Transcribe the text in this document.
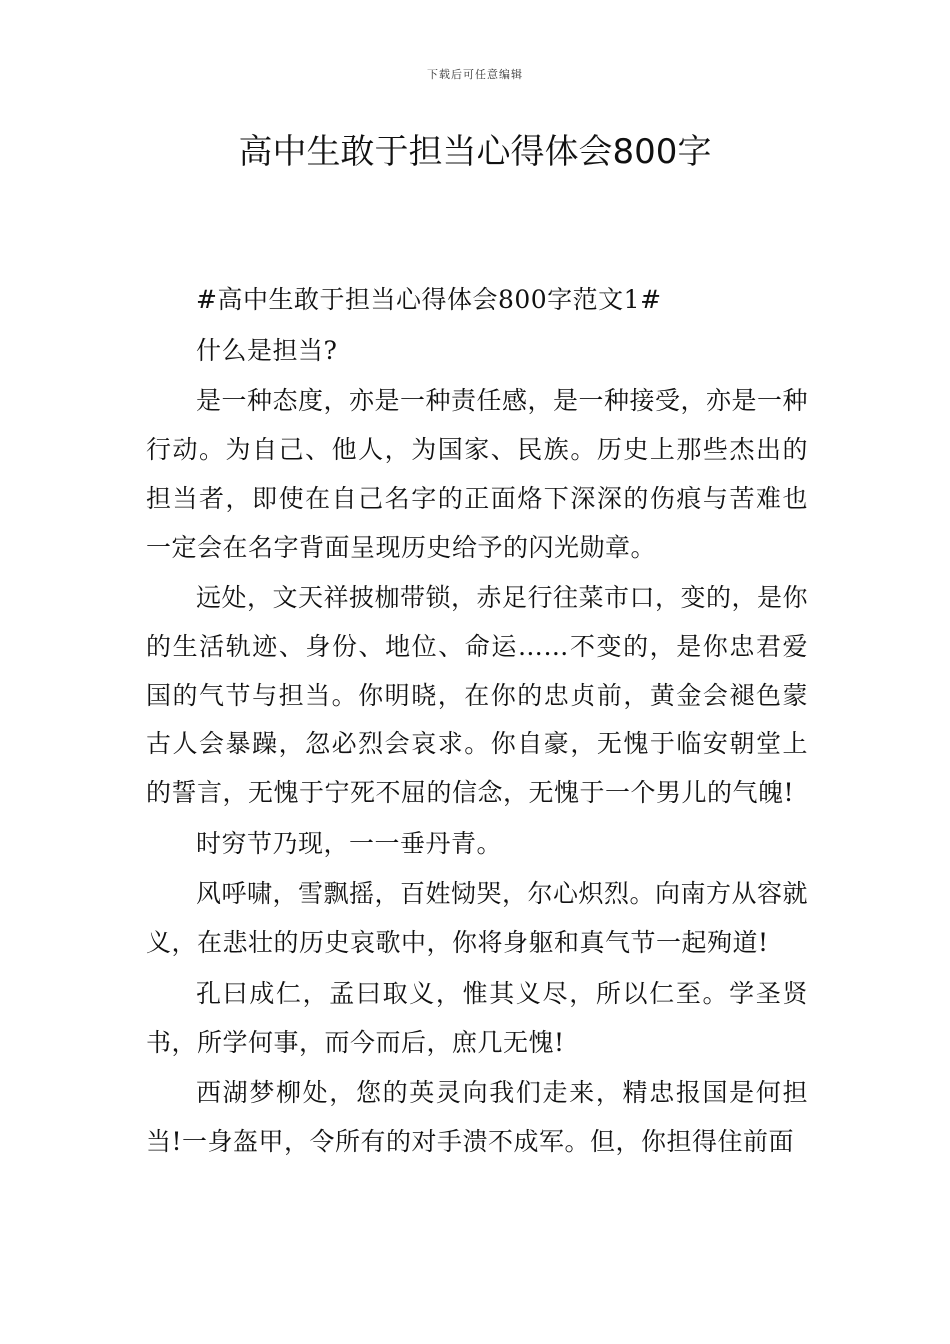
下载后可任意编辑
高中生敢于担当心得体会800字

#高中生敢于担当心得体会800字范文1#

什么是担当?

是一种态度，亦是一种责任感，是一种接受，亦是一种行动。为自己、他人，为国家、民族。历史上那些杰出的担当者，即使在自己名字的正面烙下深深的伤痕与苦难也一定会在名字背面呈现历史给予的闪光勋章。

远处，文天祥披枷带锁，赤足行往菜市口，变的，是你的生活轨迹、身份、地位、命运……不变的，是你忠君爱国的气节与担当。你明晓，在你的忠贞前，黄金会褪色蒙古人会暴躁，忽必烈会哀求。你自豪，无愧于临安朝堂上的誓言，无愧于宁死不屈的信念，无愧于一个男儿的气魄!

时穷节乃现，一一垂丹青。

风呼啸，雪飘摇，百姓恸哭，尔心炽烈。向南方从容就义，在悲壮的历史哀歌中，你将身躯和真气节一起殉道!

孔曰成仁，孟曰取义，惟其义尽，所以仁至。学圣贤书，所学何事，而今而后，庶几无愧!

西湖梦柳处，您的英灵向我们走来，精忠报国是何担当!一身盔甲，令所有的对手溃不成军。但，你担得住前面
